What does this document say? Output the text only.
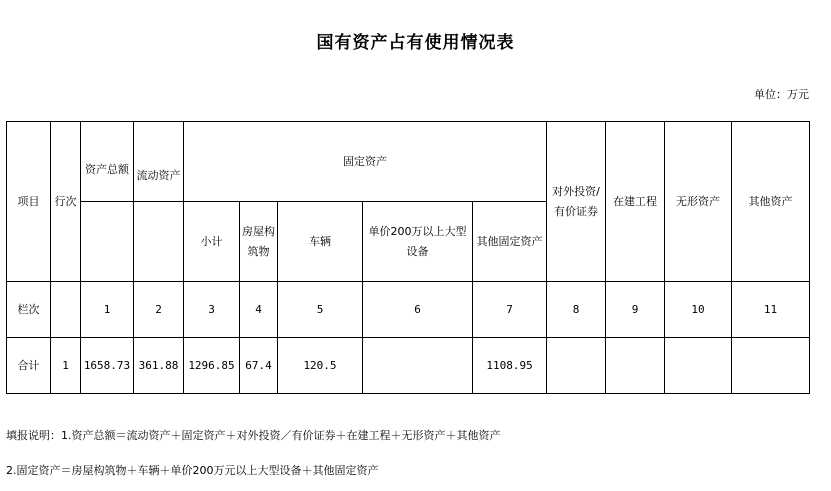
国有资产占有使用情况表
单位：万元
项目	行次	资产总额	流动资产	固定资产					对外投资/有价证券	在建工程	无形资产	其他资产
				小计	房屋构筑物	车辆	单价200万以上大型设备	其他固定资产				
栏次		1	2	3	4	5	6	7	8	9	10	11
合计	1	1658.73	361.88	1296.85	67.4	120.5		1108.95				
填报说明：1.资产总额＝流动资产＋固定资产＋对外投资／有价证券＋在建工程＋无形资产＋其他资产
2.固定资产＝房屋构筑物＋车辆＋单价200万元以上大型设备＋其他固定资产
